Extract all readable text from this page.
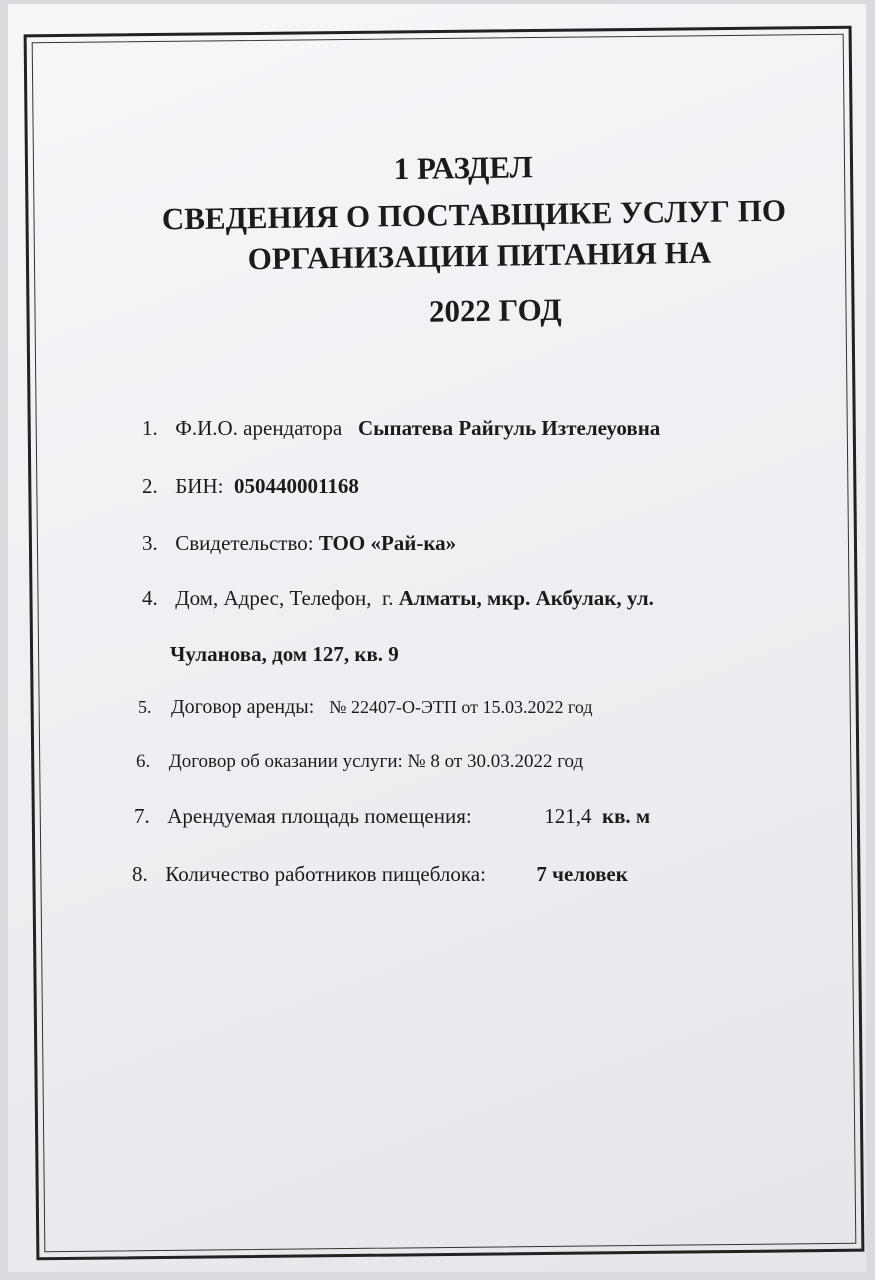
1 РАЗДЕЛ
СВЕДЕНИЯ О ПОСТАВЩИКЕ УСЛУГ ПО
ОРГАНИЗАЦИИ ПИТАНИЯ НА
2022 ГОД
1. Ф.И.О. арендатора Сыпатева Райгуль Изтелеуовна
2. БИН: 050440001168
3. Свидетельство: ТОО «Рай-ка»
4. Дом, Адрес, Телефон, г. Алматы, мкр. Акбулак, ул.
Чуланова, дом 127, кв. 9
5. Договор аренды: № 22407-О-ЭТП от 15.03.2022 год
6. Договор об оказании услуги: № 8 от 30.03.2022 год
7. Арендуемая площадь помещения:	121,4 кв. м
8. Количество работников пищеблока: 7 человек
